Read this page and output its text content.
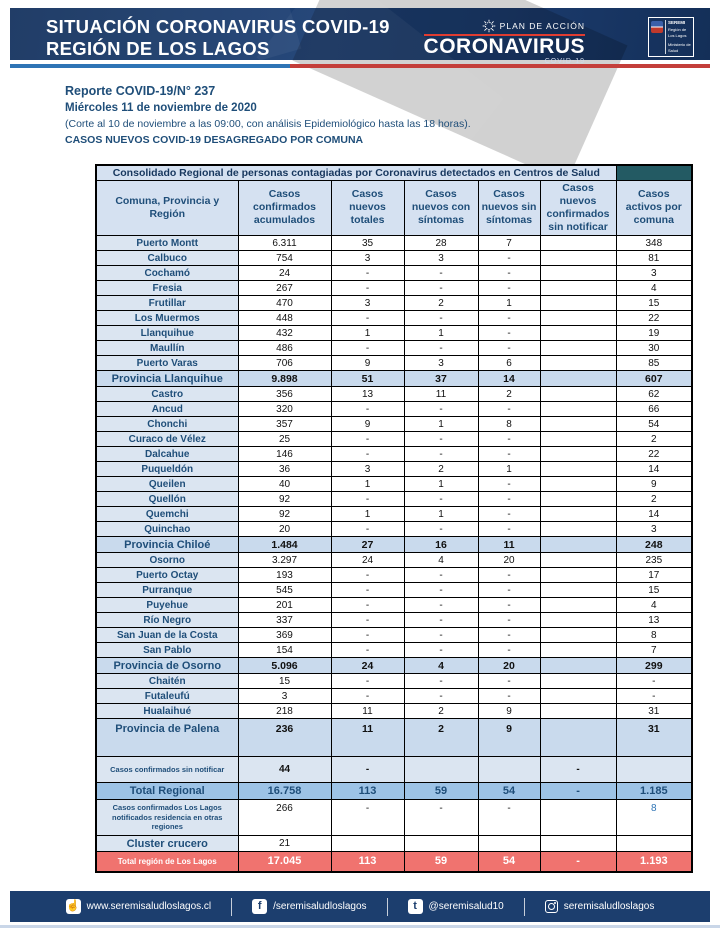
SITUACIÓN CORONAVIRUS COVID-19
REGIÓN DE LOS LAGOS
PLAN DE ACCIÓN
CORONAVIRUS
COVID-19
SEREMI
Región de Los Lagos
Ministerio de Salud
Reporte COVID-19/N° 237
Miércoles 11 de noviembre de 2020
(Corte al 10 de noviembre a las 09:00, con análisis Epidemiológico hasta las 18 horas).
CASOS NUEVOS COVID-19 DESAGREGADO POR COMUNA
Consolidado Regional de personas contagiadas por Coronavirus detectados en Centros de Salud						
Comuna, Provincia y Región	Casos confirmados acumulados	Casos nuevos totales	Casos nuevos con síntomas	Casos nuevos sin síntomas	Casos nuevos confirmados sin notificar	Casos activos por comuna
Puerto Montt	6.311	35	28	7		348
Calbuco	754	3	3	-		81
Cochamó	24	-	-	-		3
Fresia	267	-	-	-		4
Frutillar	470	3	2	1		15
Los Muermos	448	-	-	-		22
Llanquihue	432	1	1	-		19
Maullín	486	-	-	-		30
Puerto Varas	706	9	3	6		85
Provincia Llanquihue	9.898	51	37	14		607
Castro	356	13	11	2		62
Ancud	320	-	-	-		66
Chonchi	357	9	1	8		54
Curaco de Vélez	25	-	-	-		2
Dalcahue	146	-	-	-		22
Puqueldón	36	3	2	1		14
Queilen	40	1	1	-		9
Quellón	92	-	-	-		2
Quemchi	92	1	1	-		14
Quinchao	20	-	-	-		3
Provincia Chiloé	1.484	27	16	11		248
Osorno	3.297	24	4	20		235
Puerto Octay	193	-	-	-		17
Purranque	545	-	-	-		15
Puyehue	201	-	-	-		4
Río Negro	337	-	-	-		13
San Juan de la Costa	369	-	-	-		8
San Pablo	154	-	-	-		7
Provincia de Osorno	5.096	24	4	20		299
Chaitén	15	-	-	-		-
Futaleufú	3	-	-	-		-
Hualaihué	218	11	2	9		31
Provincia de Palena	236	11	2	9		31
Casos confirmados sin notificar	44	-			-	
Total Regional	16.758	113	59	54	-	1.185
Casos confirmados Los Lagos notificados residencia en otras regiones	266	-	-	-		8
Cluster crucero	21					
Total región de Los Lagos	17.045	113	59	54	-	1.193
☝ www.seremisaludloslagos.cl	f	/seremisaludloslagos	t	@seremisalud10	seremisaludloslagos
